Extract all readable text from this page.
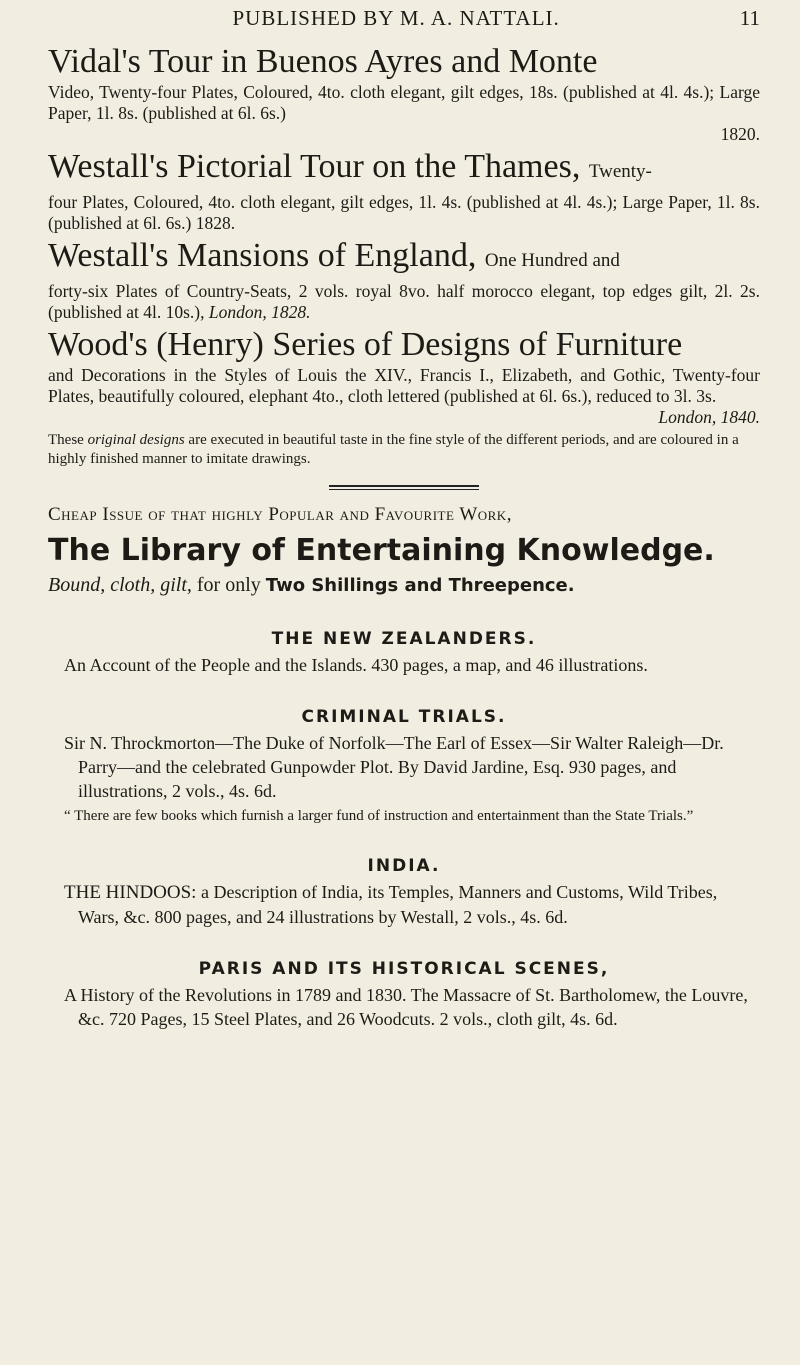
PUBLISHED BY M. A. NATTALI.	11
Vidal's Tour in Buenos Ayres and Monte
Video, Twenty-four Plates, Coloured, 4to. cloth elegant, gilt edges, 18s. (published at 4l. 4s.); Large Paper, 1l. 8s. (published at 6l. 6s.)
1820.
Westall's Pictorial Tour on the Thames, Twenty-
four Plates, Coloured, 4to. cloth elegant, gilt edges, 1l. 4s. (published at 4l. 4s.); Large Paper, 1l. 8s. (published at 6l. 6s.) 1828.
Westall's Mansions of England, One Hundred and
forty-six Plates of Country-Seats, 2 vols. royal 8vo. half morocco elegant, top edges gilt, 2l. 2s. (published at 4l. 10s.), London, 1828.
Wood's (Henry) Series of Designs of Furniture
and Decorations in the Styles of Louis the XIV., Francis I., Elizabeth, and Gothic, Twenty-four Plates, beautifully coloured, elephant 4to., cloth lettered (published at 6l. 6s.), reduced to 3l. 3s.
London, 1840.
These original designs are executed in beautiful taste in the fine style of the different periods, and are coloured in a highly finished manner to imitate drawings.
Cheap Issue of that highly Popular and Favourite Work,
The Library of Entertaining Knowledge.
Bound, cloth, gilt, for only Two Shillings and Threepence.
THE NEW ZEALANDERS.
An Account of the People and the Islands. 430 pages, a map, and 46 illustrations.
CRIMINAL TRIALS.
Sir N. Throckmorton—The Duke of Norfolk—The Earl of Essex—Sir Walter Raleigh—Dr. Parry—and the celebrated Gunpowder Plot. By David Jardine, Esq. 930 pages, and illustrations, 2 vols., 4s. 6d.
“ There are few books which furnish a larger fund of instruction and entertainment than the State Trials.”
INDIA.
THE HINDOOS: a Description of India, its Temples, Manners and Customs, Wild Tribes, Wars, &c. 800 pages, and 24 illustrations by Westall, 2 vols., 4s. 6d.
PARIS AND ITS HISTORICAL SCENES,
A History of the Revolutions in 1789 and 1830. The Massacre of St. Bartholomew, the Louvre, &c. 720 Pages, 15 Steel Plates, and 26 Woodcuts. 2 vols., cloth gilt, 4s. 6d.
